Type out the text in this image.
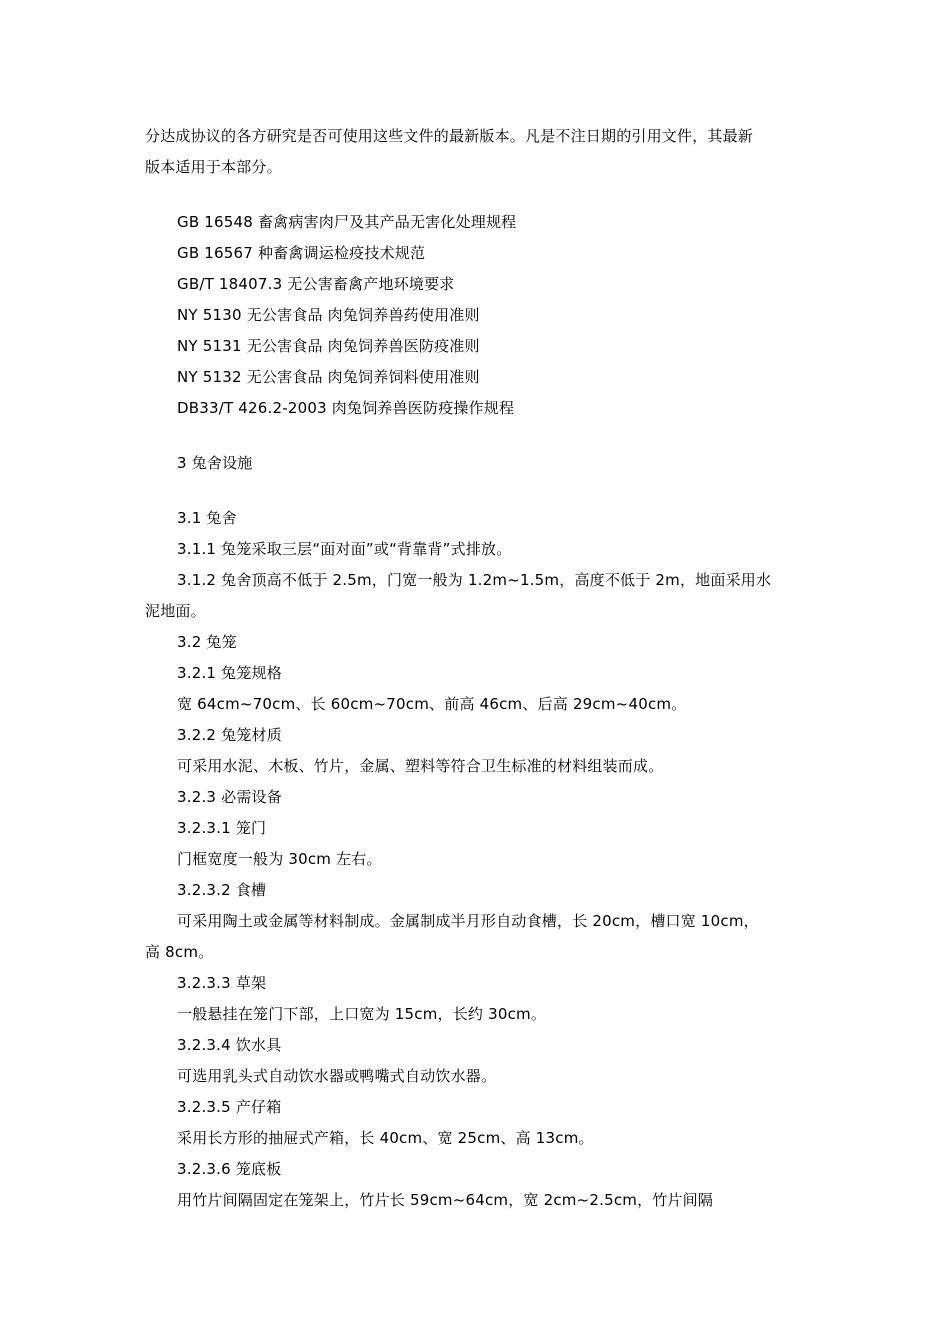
分达成协议的各方研究是否可使用这些文件的最新版本。凡是不注日期的引用文件，其最新
版本适用于本部分。
GB 16548 畜禽病害肉尸及其产品无害化处理规程
GB 16567 种畜禽调运检疫技术规范
GB/T 18407.3 无公害畜禽产地环境要求
NY 5130 无公害食品 肉兔饲养兽药使用准则
NY 5131 无公害食品 肉兔饲养兽医防疫准则
NY 5132 无公害食品 肉兔饲养饲料使用准则
DB33/T 426.2-2003 肉兔饲养兽医防疫操作规程
3 兔舍设施
3.1 兔舍
3.1.1 兔笼采取三层“面对面”或“背靠背”式排放。
3.1.2 兔舍顶高不低于 2.5m，门宽一般为 1.2m~1.5m，高度不低于 2m，地面采用水
泥地面。
3.2 兔笼
3.2.1 兔笼规格
宽 64cm~70cm、长 60cm~70cm、前高 46cm、后高 29cm~40cm。
3.2.2 兔笼材质
可采用水泥、木板、竹片，金属、塑料等符合卫生标准的材料组装而成。
3.2.3 必需设备
3.2.3.1 笼门
门框宽度一般为 30cm 左右。
3.2.3.2 食槽
可采用陶土或金属等材料制成。金属制成半月形自动食槽，长 20cm，槽口宽 10cm，
高 8cm。
3.2.3.3 草架
一般悬挂在笼门下部，上口宽为 15cm，长约 30cm。
3.2.3.4 饮水具
可选用乳头式自动饮水器或鸭嘴式自动饮水器。
3.2.3.5 产仔箱
采用长方形的抽屉式产箱，长 40cm、宽 25cm、高 13cm。
3.2.3.6 笼底板
用竹片间隔固定在笼架上，竹片长 59cm~64cm，宽 2cm~2.5cm，竹片间隔
